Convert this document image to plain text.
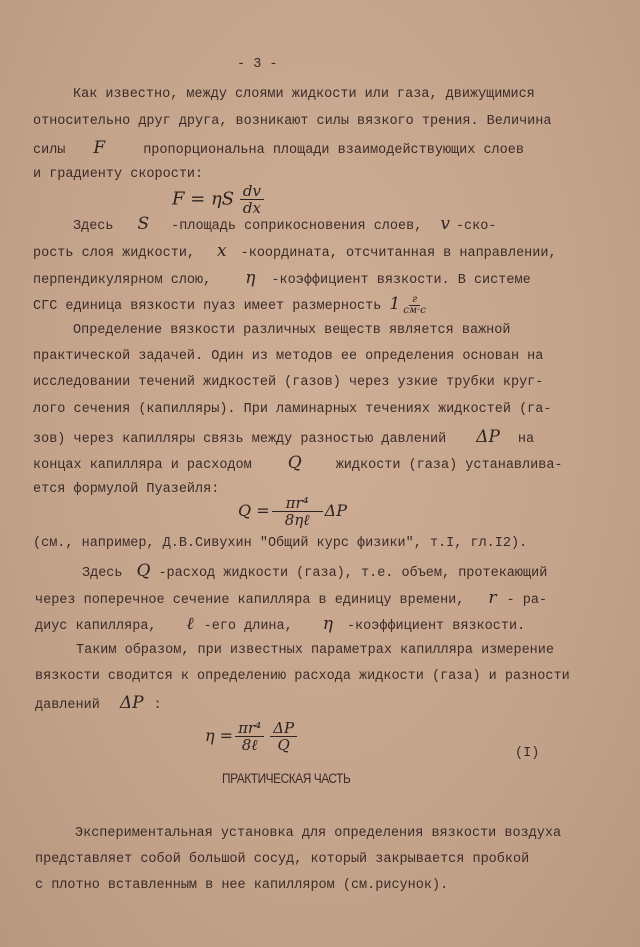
- 3 -
Как известно, между слоями жидкости или газа, движущимися
относительно друг друга, возникают силы вязкого трения. Величина
силы F	пропорциональна площади взаимодействующих слоев
и градиенту скорости:
F = ηS $\frac{dv}{dx}$
Здесь S -площадь соприкосновения слоев, v -ско-
рость слоя жидкости, x -координата, отсчитанная в направлении,
перпендикулярном слою, η -коэффициент вязкости. В системе
СГС единица вязкости пуаз имеет размерность $1 \frac{г}{см\cdot с}$
Определение вязкости различных веществ является важной
практической задачей. Один из методов ее определения основан на
исследовании течений жидкостей (газов) через узкие трубки круг-
лого сечения (капилляры). При ламинарных течениях жидкостей (га-
зов) через капилляры связь между разностью давлений ΔP на
концах капилляра и расходом Q	жидкости (газа) устанавлива-
ется формулой Пуазейля:
$Q = \frac{\text{πr⁴}}{\text{8ηℓ}}$ ΔP
(см., например, Д.В.Сивухин "Общий курс физики", т.I, гл.I2).
Здесь Q -расход жидкости (газа), т.е. объем, протекающий
через поперечное сечение капилляра в единицу времени, r - ра-
диус капилляра, ℓ -его длина, η -коэффициент вязкости.
Таким образом, при известных параметрах капилляра измерение
вязкости сводится к определению расхода жидкости (газа) и разности
давлений ΔP :
$\eta = \frac{\text{πr⁴}}{\text{8ℓ}} \frac{\Delta P}{Q}$
(I)
ПРАКТИЧЕСКАЯ ЧАСТЬ
Экспериментальная установка для определения вязкости воздуха
представляет собой большой сосуд, который закрывается пробкой
с плотно вставленным в нее капилляром (см.рисунок).
